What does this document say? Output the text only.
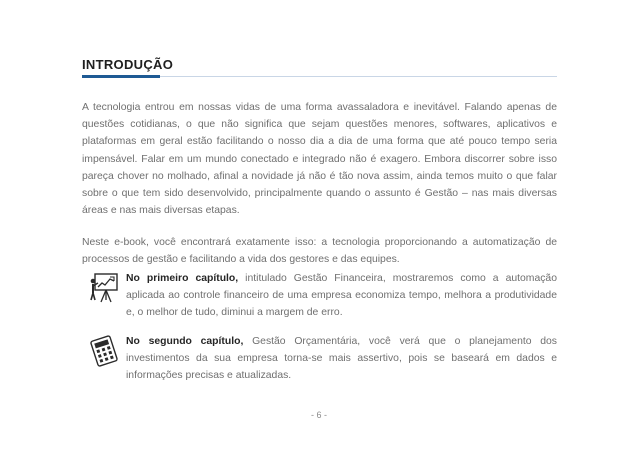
INTRODUÇÃO

A tecnologia entrou em nossas vidas de uma forma avassaladora e inevitável. Falando apenas de questões cotidianas, o que não significa que sejam questões menores, softwares, aplicativos e plataformas em geral estão facilitando o nosso dia a dia de uma forma que até pouco tempo seria impensável. Falar em um mundo conectado e integrado não é exagero. Embora discorrer sobre isso pareça chover no molhado, afinal a novidade já não é tão nova assim, ainda temos muito o que falar sobre o que tem sido desenvolvido, principalmente quando o assunto é Gestão – nas mais diversas áreas e nas mais diversas etapas.

Neste e-book, você encontrará exatamente isso: a tecnologia proporcionando a automatização de processos de gestão e facilitando a vida dos gestores e das equipes.

No primeiro capítulo, intitulado Gestão Financeira, mostraremos como a automação aplicada ao controle financeiro de uma empresa economiza tempo, melhora a produtividade e, o melhor de tudo, diminui a margem de erro.
No segundo capítulo, Gestão Orçamentária, você verá que o planejamento dos investimentos da sua empresa torna-se mais assertivo, pois se baseará em dados e informações precisas e atualizadas.
- 6 -
